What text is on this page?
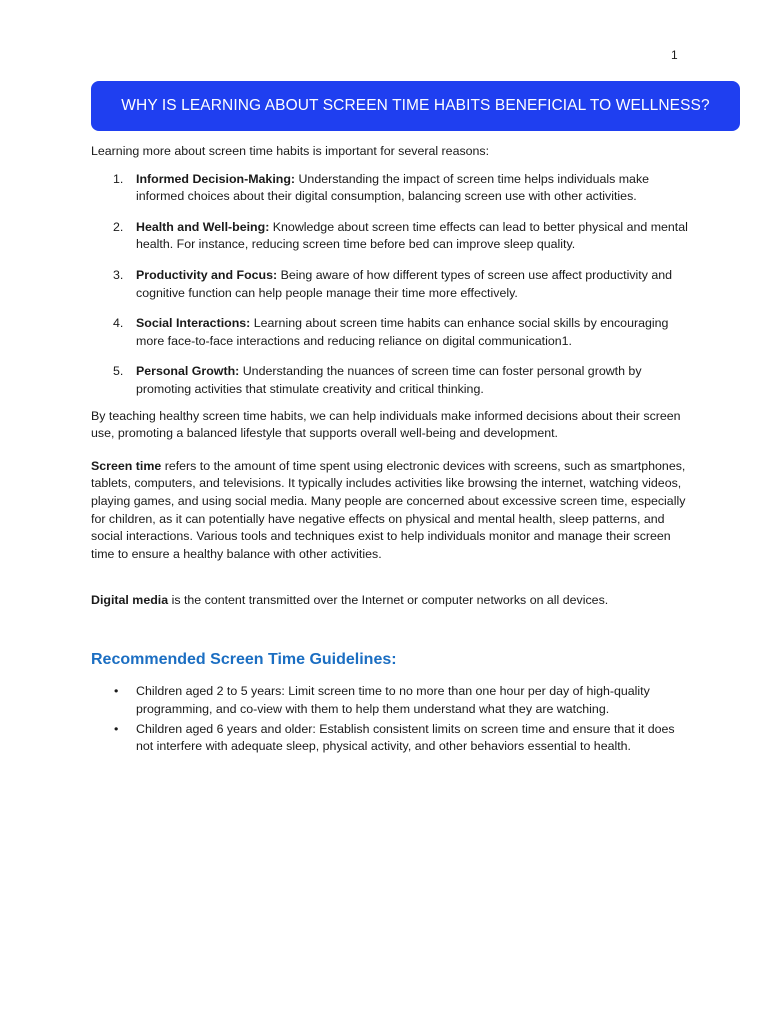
1
WHY IS LEARNING ABOUT SCREEN TIME HABITS BENEFICIAL TO WELLNESS?

Learning more about screen time habits is important for several reasons:

1. Informed Decision-Making: Understanding the impact of screen time helps individuals make informed choices about their digital consumption, balancing screen use with other activities.
2. Health and Well-being: Knowledge about screen time effects can lead to better physical and mental health. For instance, reducing screen time before bed can improve sleep quality.
3. Productivity and Focus: Being aware of how different types of screen use affect productivity and cognitive function can help people manage their time more effectively.
4. Social Interactions: Learning about screen time habits can enhance social skills by encouraging more face-to-face interactions and reducing reliance on digital communication1.
5. Personal Growth: Understanding the nuances of screen time can foster personal growth by promoting activities that stimulate creativity and critical thinking.

By teaching healthy screen time habits, we can help individuals make informed decisions about their screen use, promoting a balanced lifestyle that supports overall well-being and development.

Screen time refers to the amount of time spent using electronic devices with screens, such as smartphones, tablets, computers, and televisions. It typically includes activities like browsing the internet, watching videos, playing games, and using social media. Many people are concerned about excessive screen time, especially for children, as it can potentially have negative effects on physical and mental health, sleep patterns, and social interactions. Various tools and techniques exist to help individuals monitor and manage their screen time to ensure a healthy balance with other activities.

Digital media is the content transmitted over the Internet or computer networks on all devices.

Recommended Screen Time Guidelines:
• Children aged 2 to 5 years: Limit screen time to no more than one hour per day of high-quality programming, and co-view with them to help them understand what they are watching.
• Children aged 6 years and older: Establish consistent limits on screen time and ensure that it does not interfere with adequate sleep, physical activity, and other behaviors essential to health.
